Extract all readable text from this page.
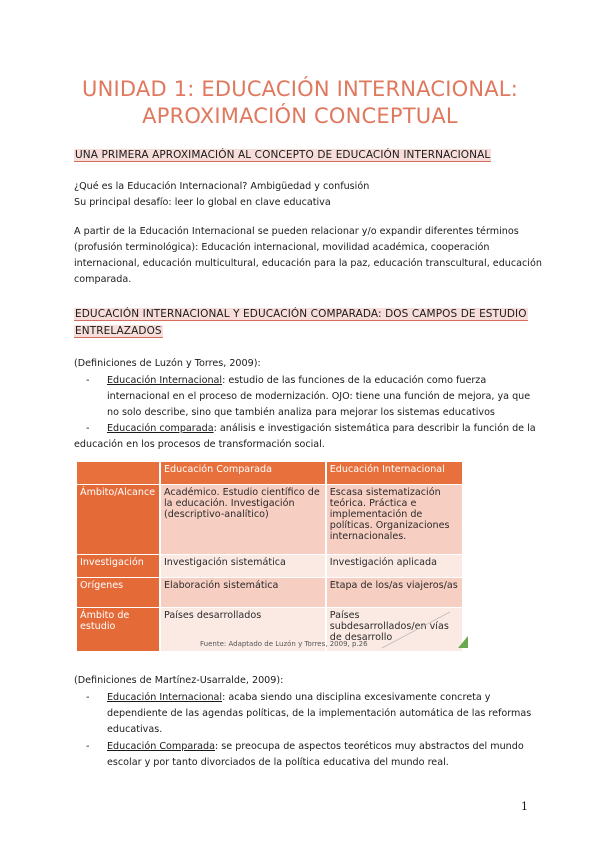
UNIDAD 1: EDUCACIÓN INTERNACIONAL:
APROXIMACIÓN CONCEPTUAL
UNA PRIMERA APROXIMACIÓN AL CONCEPTO DE EDUCACIÓN INTERNACIONAL
¿Qué es la Educación Internacional? Ambigüedad y confusión
Su principal desafío: leer lo global en clave educativa
A partir de la Educación Internacional se pueden relacionar y/o expandir diferentes términos
(profusión terminológica): Educación internacional, movilidad académica, cooperación
internacional, educación multicultural, educación para la paz, educación transcultural, educación
comparada.
EDUCACIÓN INTERNACIONAL Y EDUCACIÓN COMPARADA: DOS CAMPOS DE ESTUDIO
ENTRELAZADOS
(Definiciones de Luzón y Torres, 2009):
-	Educación Internacional: estudio de las funciones de la educación como fuerza
internacional en el proceso de modernización. OJO: tiene una función de mejora, ya que
no solo describe, sino que también analiza para mejorar los sistemas educativos
-	Educación comparada: análisis e investigación sistemática para describir la función de la
educación en los procesos de transformación social.
	Educación Comparada	Educación Internacional
Ámbito/Alcance	Académico. Estudio científico de la educación. Investigación (descriptivo-analítico)	Escasa sistematización teórica. Práctica e implementación de políticas. Organizaciones internacionales.
Investigación	Investigación sistemática	Investigación aplicada
Orígenes	Elaboración sistemática	Etapa de los/as viajeros/as
Ámbito de estudio	Países desarrollados	Países subdesarrollados/en vías de desarrollo
Fuente: Adaptado de Luzón y Torres, 2009, p.26
(Definiciones de Martínez-Usarralde, 2009):
-	Educación Internacional: acaba siendo una disciplina excesivamente concreta y
dependiente de las agendas políticas, de la implementación automática de las reformas
educativas.
-	Educación Comparada: se preocupa de aspectos teoréticos muy abstractos del mundo
escolar y por tanto divorciados de la política educativa del mundo real.
1
